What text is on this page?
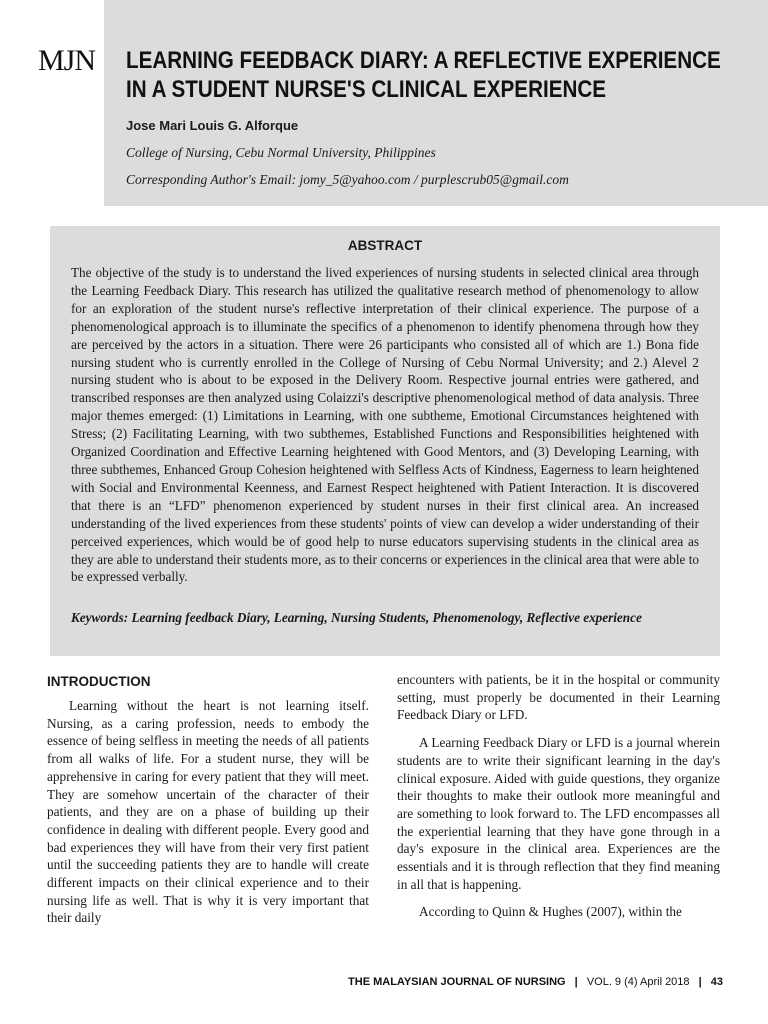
MJN LEARNING FEEDBACK DIARY: A REFLECTIVE EXPERIENCE
IN A STUDENT NURSE'S CLINICAL EXPERIENCE
Jose Mari Louis G. Alforque
College of Nursing, Cebu Normal University, Philippines
Corresponding Author's Email: jomy_5@yahoo.com / purplescrub05@gmail.com
ABSTRACT

The objective of the study is to understand the lived experiences of nursing students in selected clinical area through the Learning Feedback Diary. This research has utilized the qualitative research method of phenomenology to allow for an exploration of the student nurse's reflective interpretation of their clinical experience. The purpose of a phenomenological approach is to illuminate the specifics of a phenomenon to identify phenomena through how they are perceived by the actors in a situation. There were 26 participants who consisted all of which are 1.) Bona fide nursing student who is currently enrolled in the College of Nursing of Cebu Normal University; and 2.) Alevel 2 nursing student who is about to be exposed in the Delivery Room. Respective journal entries were gathered, and transcribed responses are then analyzed using Colaizzi's descriptive phenomenological method of data analysis. Three major themes emerged: (1) Limitations in Learning, with one subtheme, Emotional Circumstances heightened with Stress; (2) Facilitating Learning, with two subthemes, Established Functions and Responsibilities heightened with Organized Coordination and Effective Learning heightened with Good Mentors, and (3) Developing Learning, with three subthemes, Enhanced Group Cohesion heightened with Selfless Acts of Kindness, Eagerness to learn heightened with Social and Environmental Keenness, and Earnest Respect heightened with Patient Interaction. It is discovered that there is an “LFD” phenomenon experienced by student nurses in their first clinical area. An increased understanding of the lived experiences from these students' points of view can develop a wider understanding of their perceived experiences, which would be of good help to nurse educators supervising students in the clinical area as they are able to understand their students more, as to their concerns or experiences in the clinical area that were able to be expressed verbally.

Keywords: Learning feedback Diary, Learning, Nursing Students, Phenomenology, Reflective experience

INTRODUCTION

Learning without the heart is not learning itself. Nursing, as a caring profession, needs to embody the essence of being selfless in meeting the needs of all patients from all walks of life. For a student nurse, they will be apprehensive in caring for every patient that they will meet. They are somehow uncertain of the character of their patients, and they are on a phase of building up their confidence in dealing with different people. Every good and bad experiences they will have from their very first patient until the succeeding patients they are to handle will create different impacts on their clinical experience and to their nursing life as well. That is why it is very important that their daily

encounters with patients, be it in the hospital or community setting, must properly be documented in their Learning Feedback Diary or LFD.

A Learning Feedback Diary or LFD is a journal wherein students are to write their significant learning in the day's clinical exposure. Aided with guide questions, they organize their thoughts to make their outlook more meaningful and are something to look forward to. The LFD encompasses all the experiential learning that they have gone through in a day's exposure in the clinical area. Experiences are the essentials and it is through reflection that they find meaning in all that is happening.

According to Quinn & Hughes (2007), within the

THE MALAYSIAN JOURNAL OF NURSING | VOL. 9 (4) April 2018 | 43
